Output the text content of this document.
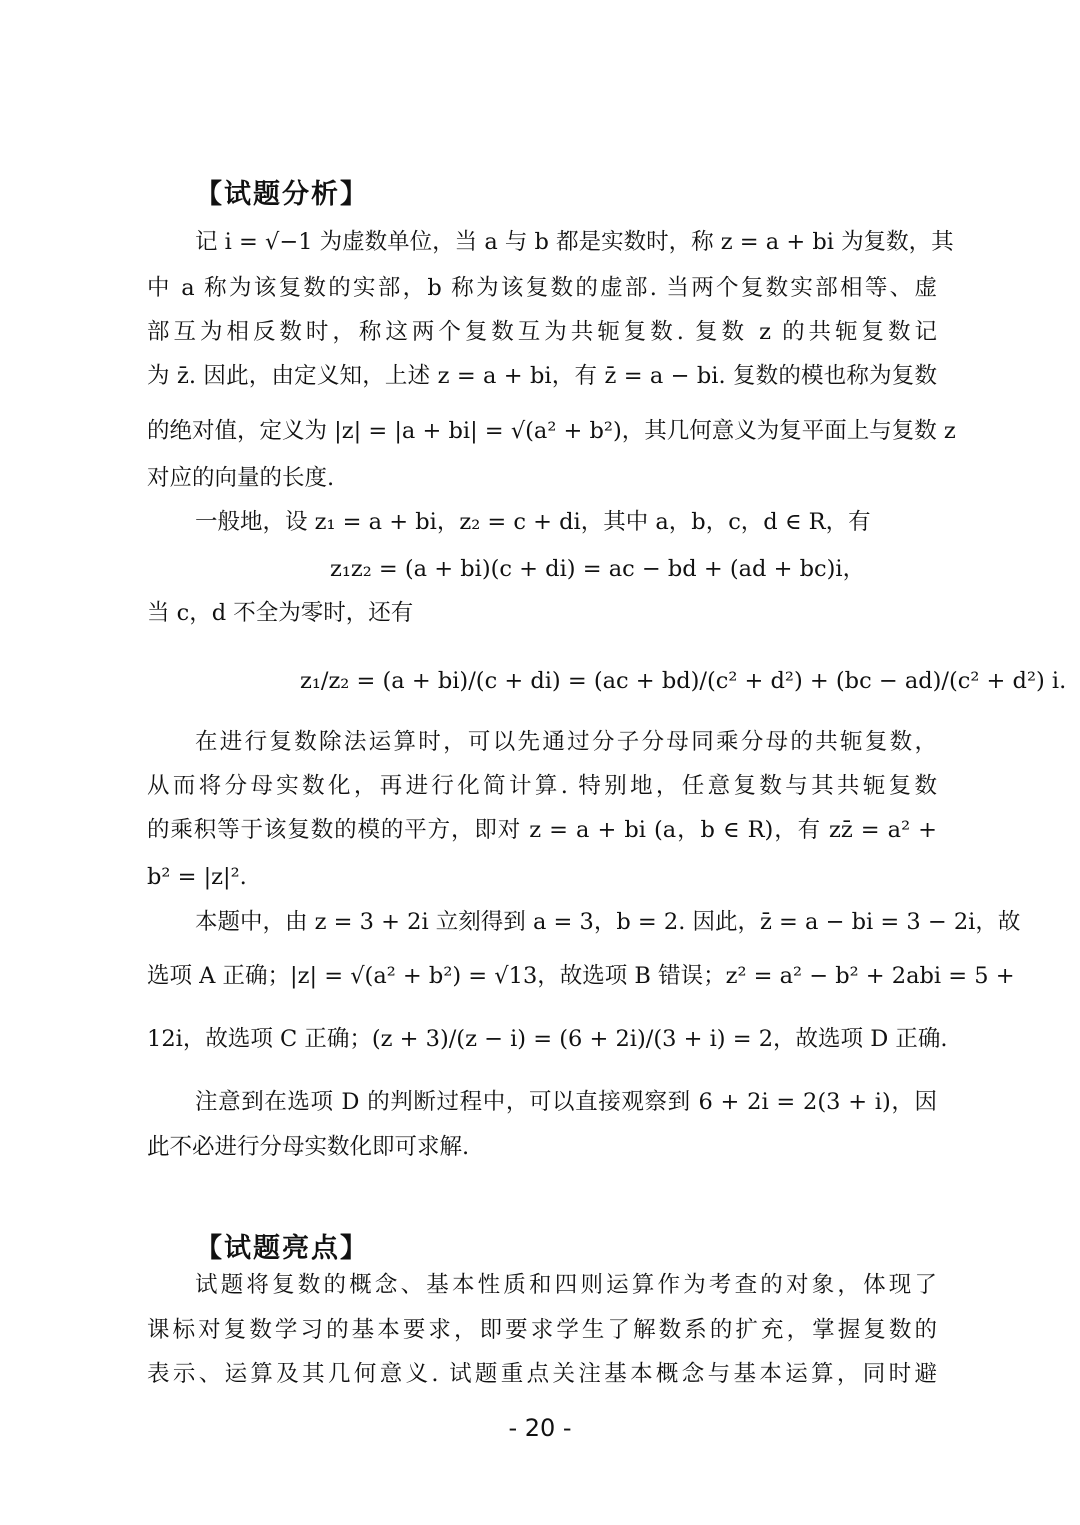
【试题分析】
记 i = √−1 为虚数单位，当 a 与 b 都是实数时，称 z = a + bi 为复数，其
中 a 称为该复数的实部，b 称为该复数的虚部. 当两个复数实部相等、虚
部互为相反数时，称这两个复数互为共轭复数. 复数 z 的共轭复数记
为 z̄. 因此，由定义知，上述 z = a + bi，有 z̄ = a − bi. 复数的模也称为复数
的绝对值，定义为 |z| = |a + bi| = √(a² + b²)，其几何意义为复平面上与复数 z
对应的向量的长度.
一般地，设 z₁ = a + bi，z₂ = c + di，其中 a，b，c，d ∈ R，有
z₁z₂ = (a + bi)(c + di) = ac − bd + (ad + bc)i，
当 c，d 不全为零时，还有
z₁/z₂ = (a + bi)/(c + di) = (ac + bd)/(c² + d²) + (bc − ad)/(c² + d²) i.
在进行复数除法运算时，可以先通过分子分母同乘分母的共轭复数，
从而将分母实数化，再进行化简计算. 特别地，任意复数与其共轭复数
的乘积等于该复数的模的平方，即对 z = a + bi (a，b ∈ R)，有 zz̄ = a² +
b² = |z|².
本题中，由 z = 3 + 2i 立刻得到 a = 3，b = 2. 因此，z̄ = a − bi = 3 − 2i，故
选项 A 正确；|z| = √(a² + b²) = √13，故选项 B 错误；z² = a² − b² + 2abi = 5 +
12i，故选项 C 正确；(z + 3)/(z − i) = (6 + 2i)/(3 + i) = 2，故选项 D 正确.
注意到在选项 D 的判断过程中，可以直接观察到 6 + 2i = 2(3 + i)，因
此不必进行分母实数化即可求解.
【试题亮点】
试题将复数的概念、基本性质和四则运算作为考查的对象，体现了
课标对复数学习的基本要求，即要求学生了解数系的扩充，掌握复数的
表示、运算及其几何意义. 试题重点关注基本概念与基本运算，同时避
- 20 -
